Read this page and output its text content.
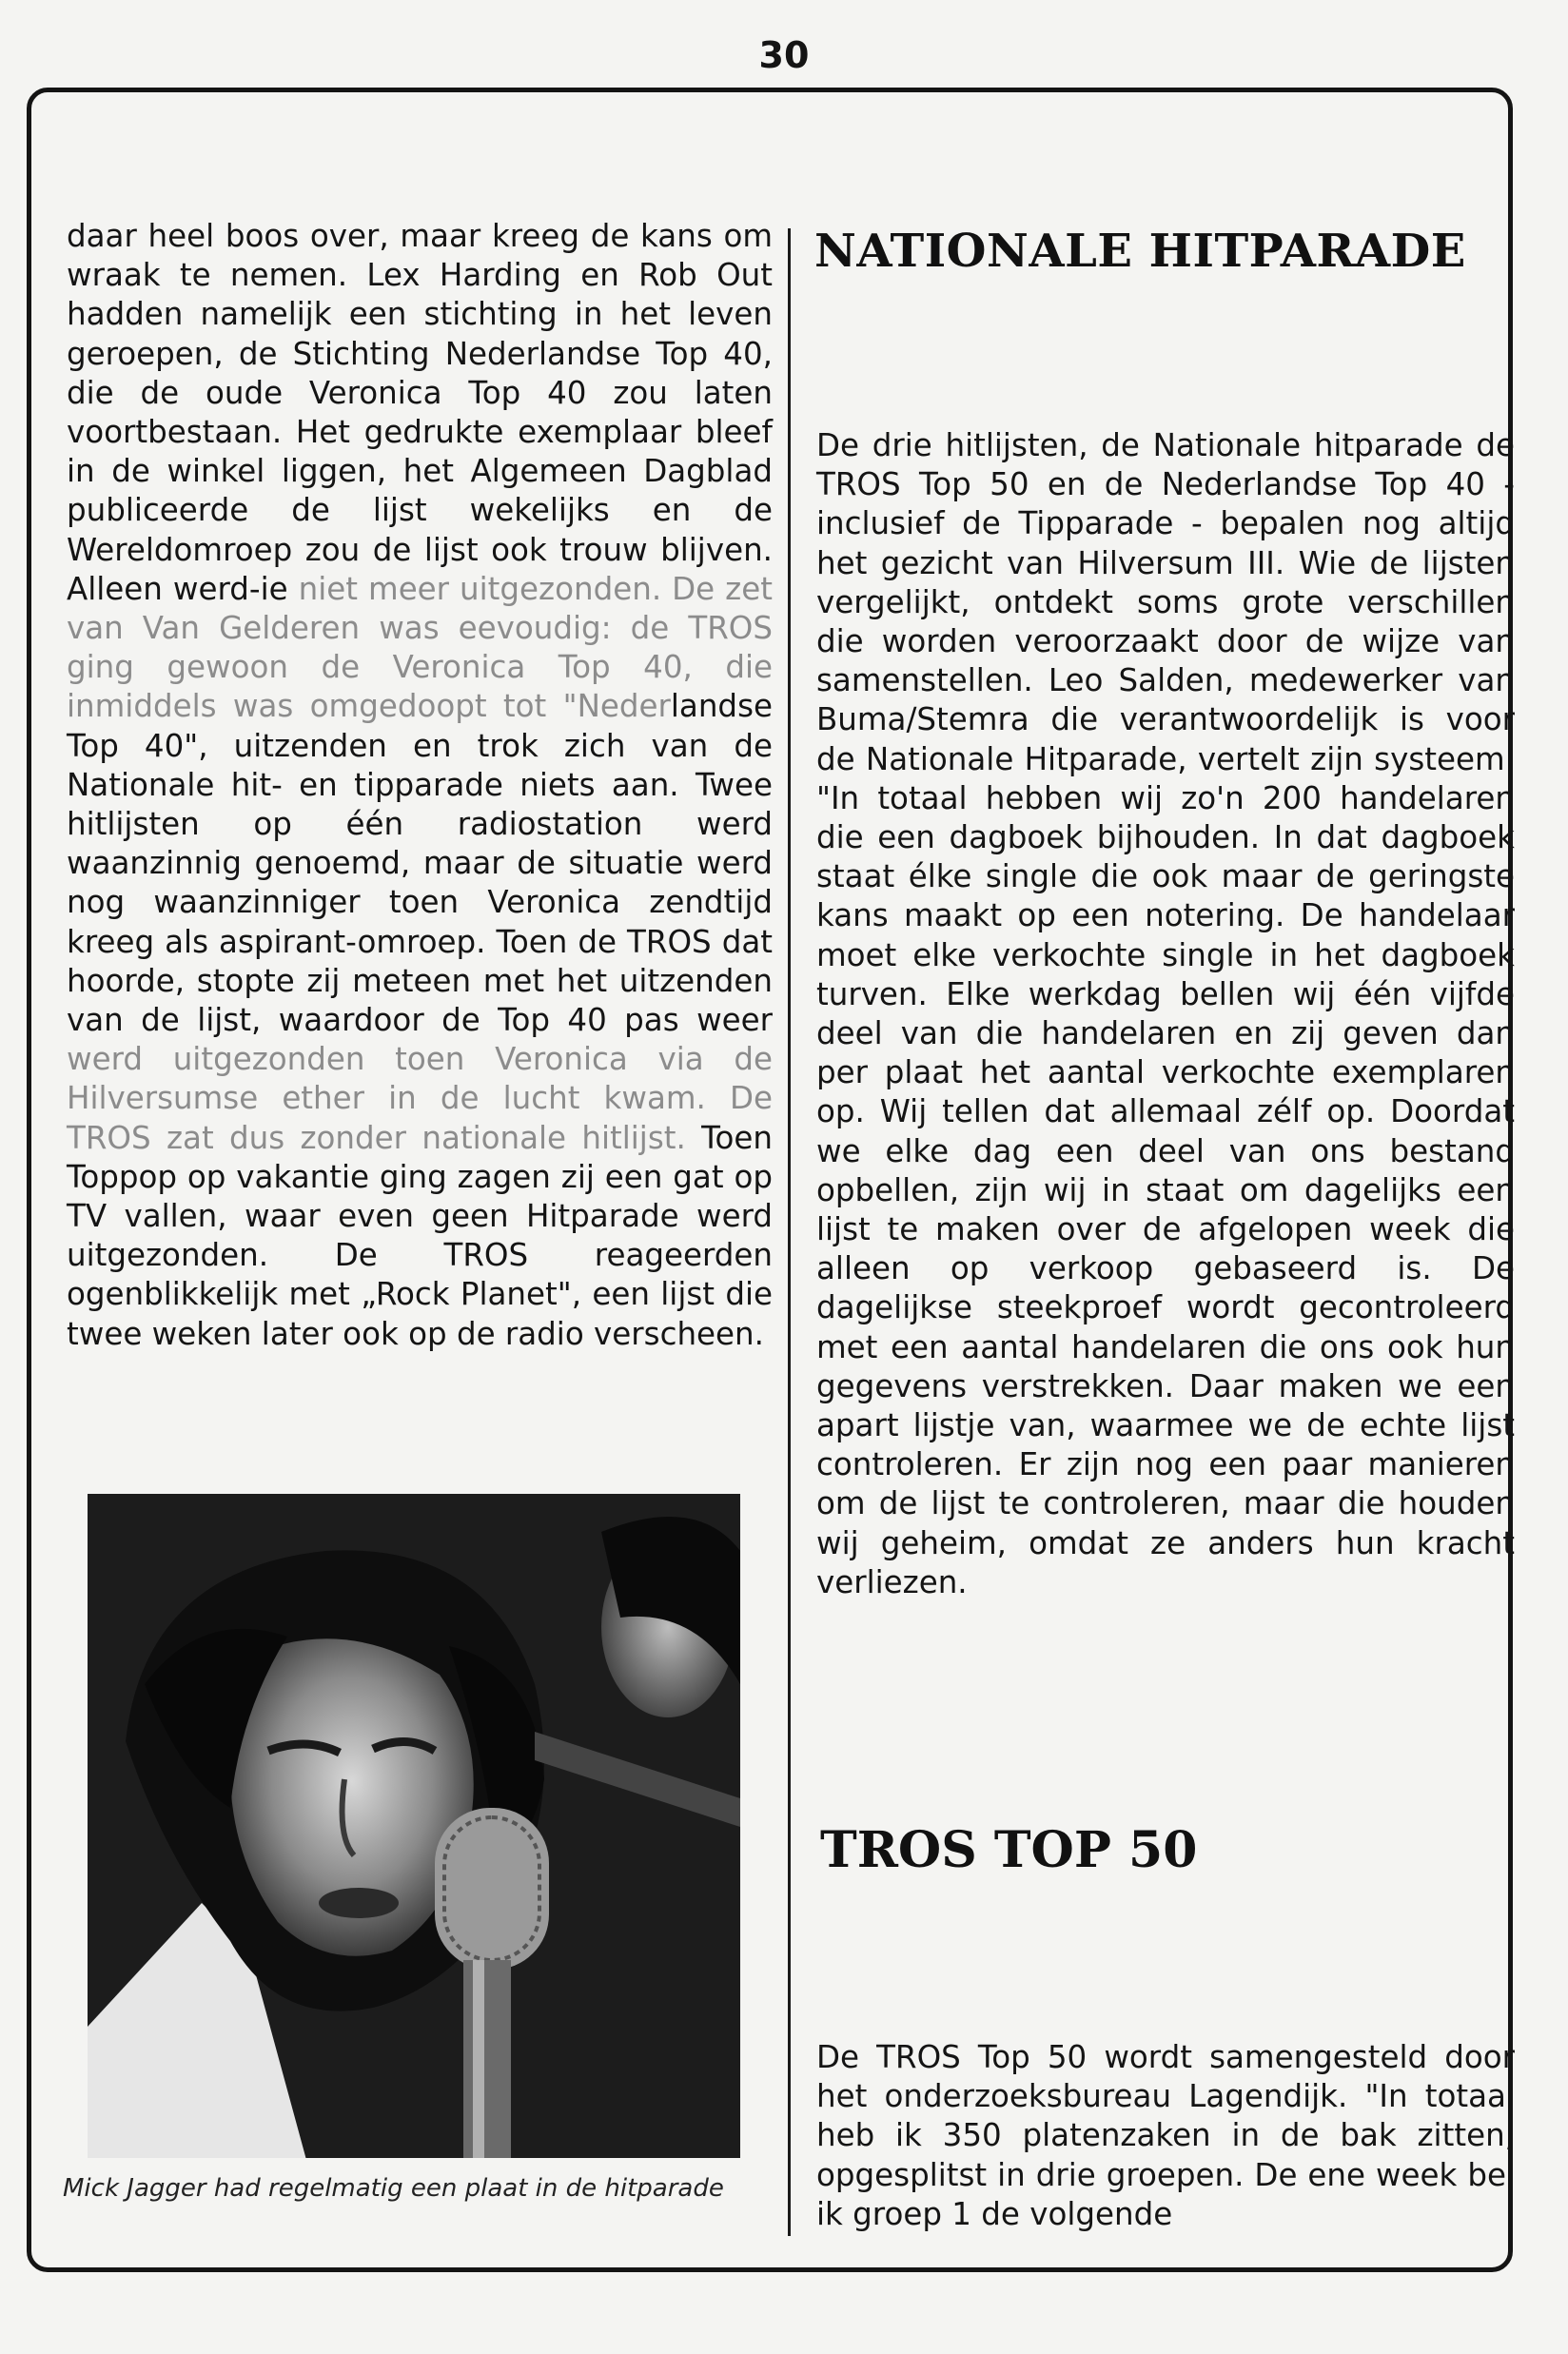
30

daar heel boos over, maar kreeg de kans om wraak te nemen. Lex Harding en Rob Out hadden namelijk een stichting in het leven geroepen, de Stichting Nederlandse Top 40, die de oude Veronica Top 40 zou laten voortbestaan. Het gedrukte exemplaar bleef in de winkel liggen, het Algemeen Dagblad publiceerde de lijst wekelijks en de Wereldomroep zou de lijst ook trouw blijven. Alleen werd-ie niet meer uitgezonden. De zet van Van Gelderen was eevoudig: de TROS ging gewoon de Veronica Top 40, die inmiddels was omgedoopt tot "Nederlandse Top 40", uitzenden en trok zich van de Nationale hit- en tipparade niets aan. Twee hitlijsten op één radiostation werd waanzinnig genoemd, maar de situatie werd nog waanzinniger toen Veronica zendtijd kreeg als aspirant-omroep. Toen de TROS dat hoorde, stopte zij meteen met het uitzenden van de lijst, waardoor de Top 40 pas weer werd uitgezonden toen Veronica via de Hilversumse ether in de lucht kwam. De TROS zat dus zonder nationale hitlijst. Toen Toppop op vakantie ging zagen zij een gat op TV vallen, waar even geen Hitparade werd uitgezonden. De TROS reageerden ogenblikkelijk met „Rock Planet", een lijst die twee weken later ook op de radio verscheen.

Mick Jagger had regelmatig een plaat in de hitparade

NATIONALE HITPARADE

De drie hitlijsten, de Nationale hitparade de TROS Top 50 en de Nederlandse Top 40 - inclusief de Tipparade - bepalen nog altijd het gezicht van Hilversum III. Wie de lijsten vergelijkt, ontdekt soms grote verschillen die worden veroorzaakt door de wijze van samenstellen. Leo Salden, medewerker van Buma/Stemra die verantwoordelijk is voor de Nationale Hitparade, vertelt zijn systeem. "In totaal hebben wij zo'n 200 handelaren die een dagboek bijhouden. In dat dagboek staat élke single die ook maar de geringste kans maakt op een notering. De handelaar moet elke verkochte single in het dagboek turven. Elke werkdag bellen wij één vijfde deel van die handelaren en zij geven dan per plaat het aantal verkochte exemplaren op. Wij tellen dat allemaal zélf op. Doordat we elke dag een deel van ons bestand opbellen, zijn wij in staat om dagelijks een lijst te maken over de afgelopen week die alleen op verkoop gebaseerd is. De dagelijkse steekproef wordt gecontroleerd met een aantal handelaren die ons ook hun gegevens verstrekken. Daar maken we een apart lijstje van, waarmee we de echte lijst controleren. Er zijn nog een paar manieren om de lijst te controleren, maar die houden wij geheim, omdat ze anders hun kracht verliezen.

TROS TOP 50

De TROS Top 50 wordt samengesteld door het onderzoeksbureau Lagendijk. "In totaal heb ik 350 platenzaken in de bak zitten, opgesplitst in drie groepen. De ene week bel ik groep 1 de volgende
